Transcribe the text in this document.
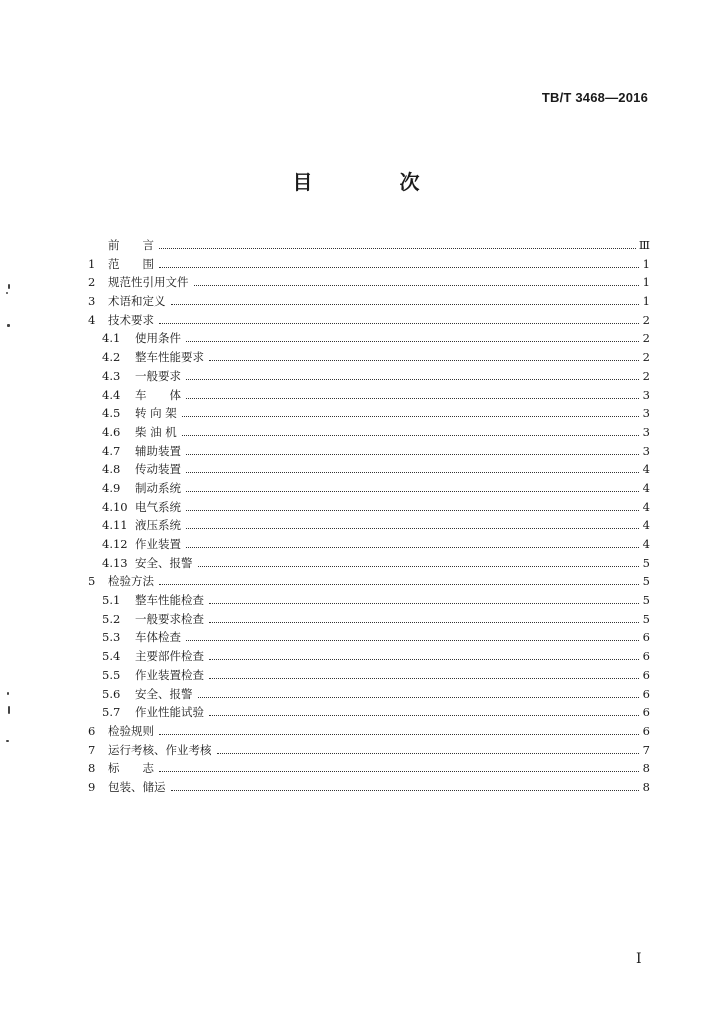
TB/T 3468—2016
目 次
前　　言	Ⅲ
1	范　　围	1
2	规范性引用文件	1
3	术语和定义	1
4	技术要求	2
4.1	使用条件	2
4.2	整车性能要求	2
4.3	一般要求	2
4.4	车　　体	3
4.5	转 向 架	3
4.6	柴 油 机	3
4.7	辅助装置	3
4.8	传动装置	4
4.9	制动系统	4
4.10 电气系统	4
4.11 液压系统	4
4.12 作业装置	4
4.13 安全、报警	5
5	检验方法	5
5.1	整车性能检查	5
5.2	一般要求检查	5
5.3	车体检查	6
5.4	主要部件检查	6
5.5	作业装置检查	6
5.6	安全、报警	6
5.7	作业性能试验	6
6	检验规则	6
7	运行考核、作业考核	7
8	标　　志	8
9	包装、储运	8
I
